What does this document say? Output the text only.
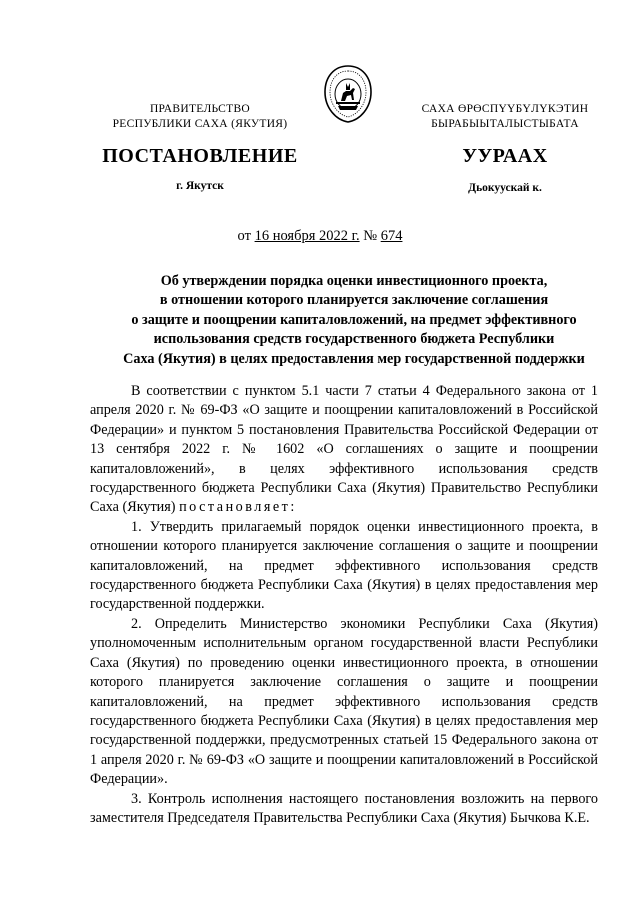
ПРАВИТЕЛЬСТВО
РЕСПУБЛИКИ САХА (ЯКУТИЯ)
САХА ӨРӨСПҮҮБҮЛҮКЭТИН
БЫРАБЫЫТАЛЫСТЫБАТА
ПОСТАНОВЛЕНИЕ	УУРААХ
г. Якутск	Дьокуускай к.
от 16 ноября 2022 г. № 674
Об утверждении порядка оценки инвестиционного проекта,
в отношении которого планируется заключение соглашения
о защите и поощрении капиталовложений, на предмет эффективного
использования средств государственного бюджета Республики
Саха (Якутия) в целях предоставления мер государственной поддержки

В соответствии с пунктом 5.1 части 7 статьи 4 Федерального закона от 1 апреля 2020 г. № 69-ФЗ «О защите и поощрении капиталовложений в Российской Федерации» и пунктом 5 постановления Правительства Российской Федерации от 13 сентября 2022 г. № 1602 «О соглашениях о защите и поощрении капиталовложений», в целях эффективного использования средств государственного бюджета Республики Саха (Якутия) Правительство Республики Саха (Якутия) постановляет:

1. Утвердить прилагаемый порядок оценки инвестиционного проекта, в отношении которого планируется заключение соглашения о защите и поощрении капиталовложений, на предмет эффективного использования средств государственного бюджета Республики Саха (Якутия) в целях предоставления мер государственной поддержки.

2. Определить Министерство экономики Республики Саха (Якутия) уполномоченным исполнительным органом государственной власти Республики Саха (Якутия) по проведению оценки инвестиционного проекта, в отношении которого планируется заключение соглашения о защите и поощрении капиталовложений, на предмет эффективного использования средств государственного бюджета Республики Саха (Якутия) в целях предоставления мер государственной поддержки, предусмотренных статьей 15 Федерального закона от 1 апреля 2020 г. № 69-ФЗ «О защите и поощрении капиталовложений в Российской Федерации».

3. Контроль исполнения настоящего постановления возложить на первого заместителя Председателя Правительства Республики Саха (Якутия) Бычкова К.Е.
